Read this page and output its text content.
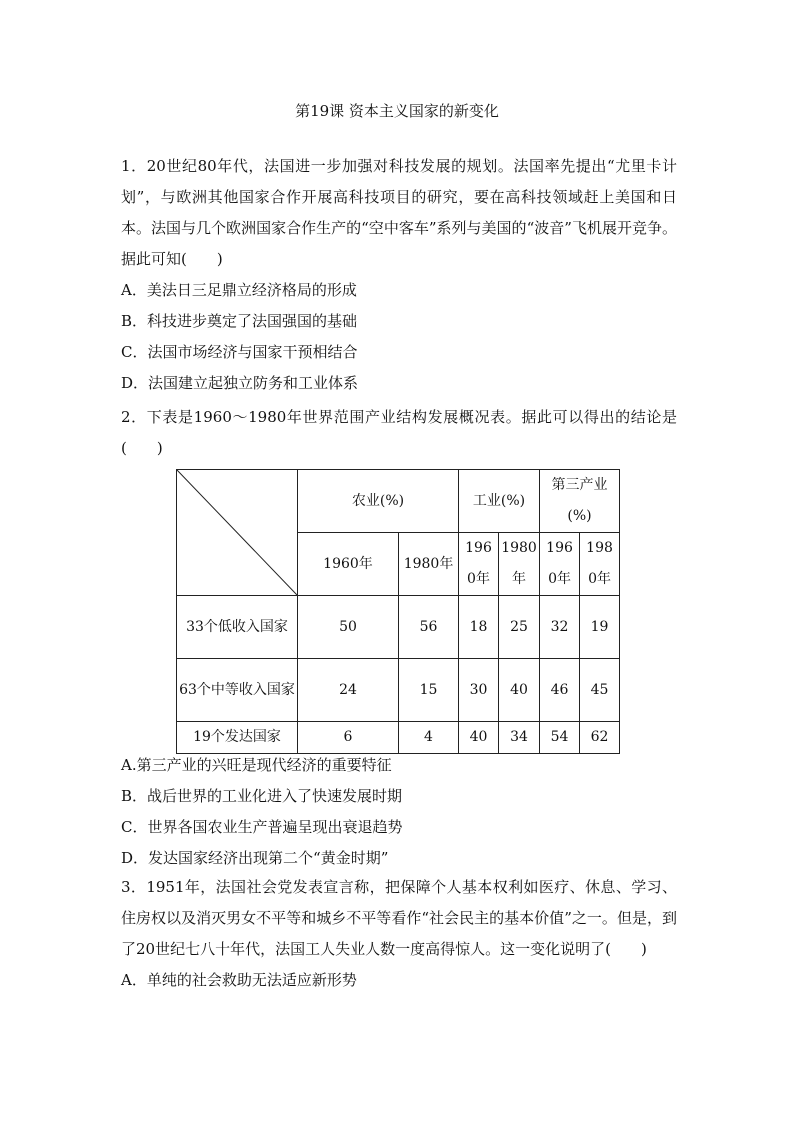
第19课 资本主义国家的新变化

1．20世纪80年代，法国进一步加强对科技发展的规划。法国率先提出“尤里卡计划”，与欧洲其他国家合作开展高科技项目的研究，要在高科技领域赶上美国和日本。法国与几个欧洲国家合作生产的“空中客车”系列与美国的“波音”飞机展开竞争。据此可知(　　)

A．美法日三足鼎立经济格局的形成

B．科技进步奠定了法国强国的基础

C．法国市场经济与国家干预相结合

D．法国建立起独立防务和工业体系

2．下表是1960～1980年世界范围产业结构发展概况表。据此可以得出的结论是(　　)

	农业(%)		工业(%)		第三产业(%)	
	1960年	1980年	1960年	1980年	1960年	1980年
33个低收入国家	50	56	18	25	32	19
63个中等收入国家	24	15	30	40	46	45
19个发达国家	6	4	40	34	54	62

A.第三产业的兴旺是现代经济的重要特征

B．战后世界的工业化进入了快速发展时期

C．世界各国农业生产普遍呈现出衰退趋势

D．发达国家经济出现第二个“黄金时期”

3．1951年，法国社会党发表宣言称，把保障个人基本权利如医疗、休息、学习、住房权以及消灭男女不平等和城乡不平等看作“社会民主的基本价值”之一。但是，到了20世纪七八十年代，法国工人失业人数一度高得惊人。这一变化说明了(　　)

A．单纯的社会救助无法适应新形势
